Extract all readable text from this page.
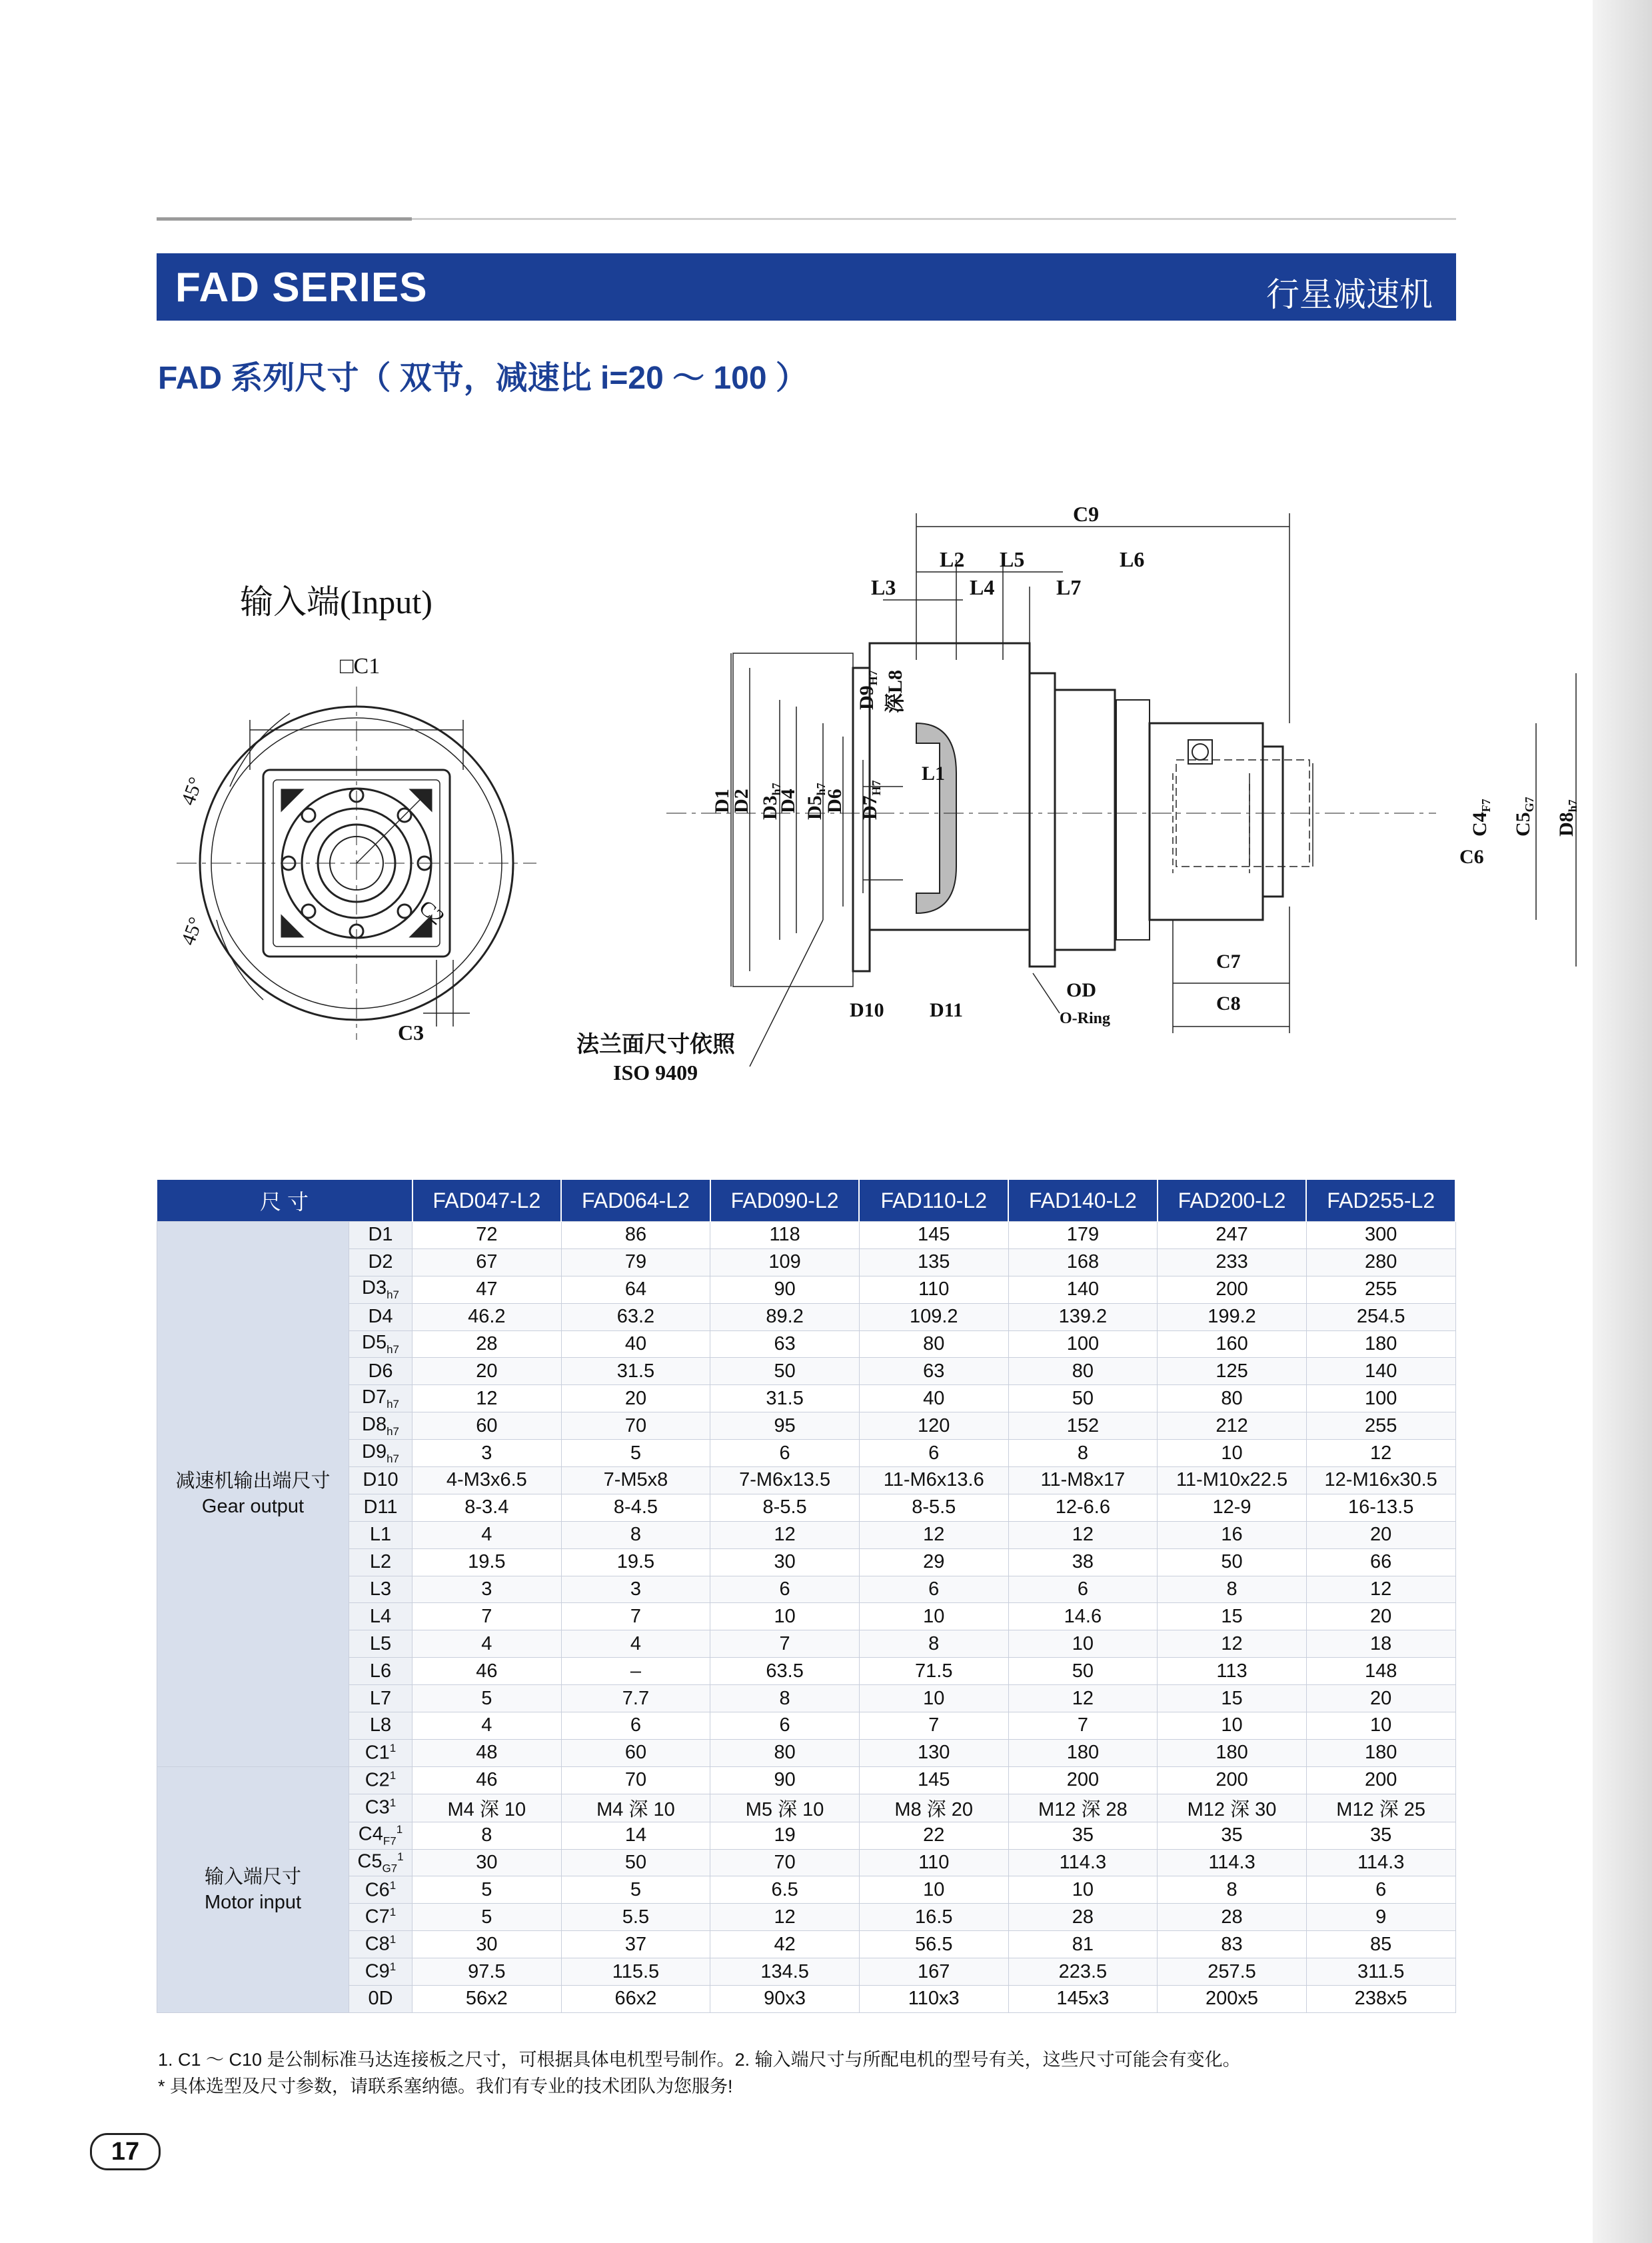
FAD SERIES	行星减速机
FAD 系列尺寸（ 双节，减速比 i=20 ～ 100 ）
输入端(Input)
□C1
45°
45°
C2
C3
C9
L2 L5	L6
L3	L4	L7
D1
D2 $D3_{h7}$
D4 $D5_{h7}$
D6 $D7_{H7}$
$D9_{H7}$ 深L8
L1
$C4_{F7}$
$C5_{G7}$
$D8_{h7}$
C6
C7
C8
OD
O-Ring
D10 D11
法兰面尺寸依照
ISO 9409
尺 寸		FAD047-L2	FAD064-L2	FAD090-L2	FAD110-L2	FAD140-L2	FAD200-L2	FAD255-L2

减速机输出端尺寸
Gear output	D1	72	86	118	145	179	247	300
	D2	67	79	109	135	168	233	280
	$D3_{h7}$	47	64	90	110	140	200	255
	D4	46.2	63.2	89.2	109.2	139.2	199.2	254.5
	$D5_{h7}$	28	40	63	80	100	160	180
	D6	20	31.5	50	63	80	125	140
	$D7_{h7}$	12	20	31.5	40	50	80	100
	$D8_{h7}$	60	70	95	120	152	212	255
	$D9_{h7}$	3	5	6	6	8	10	12
	D10	4-M3x6.5	7-M5x8	7-M6x13.5	11-M6x13.6	11-M8x17	11-M10x22.5	12-M16x30.5
	D11	8-3.4	8-4.5	8-5.5	8-5.5	12-6.6	12-9	16-13.5
	L1	4	8	12	12	12	16	20
	L2	19.5	19.5	30	29	38	50	66
	L3	3	3	6	6	6	8	12
	L4	7	7	10	10	14.6	15	20
	L5	4	4	7	8	10	12	18
	L6	46	–	63.5	71.5	50	113	148
	L7	5	7.7	8	10	12	15	20
	L8	4	6	6	7	7	10	10
	$C1^1$	48	60	80	130	180	180	180

输入端尺寸
Motor input	$C2^1$	46	70	90	145	200	200	200
	$C3^1$	M4 深 10	M4 深 10	M5 深 10	M8 深 20	M12 深 28	M12 深 30	M12 深 25
	$C4_{F7}^1$	8	14	19	22	35	35	35
	$C5_{G7}^1$	30	50	70	110	114.3	114.3	114.3
	$C6^1$	5	5	6.5	10	10	8	6
	$C7^1$	5	5.5	12	16.5	28	28	9
	$C8^1$	30	37	42	56.5	81	83	85
	$C9^1$	97.5	115.5	134.5	167	223.5	257.5	311.5
	0D	56x2	66x2	90x3	110x3	145x3	200x5	238x5
1. C1 ～ C10 是公制标准马达连接板之尺寸，可根据具体电机型号制作。2. 输入端尺寸与所配电机的型号有关，这些尺寸可能会有变化。
* 具体选型及尺寸参数，请联系塞纳德。我们有专业的技术团队为您服务!
17
